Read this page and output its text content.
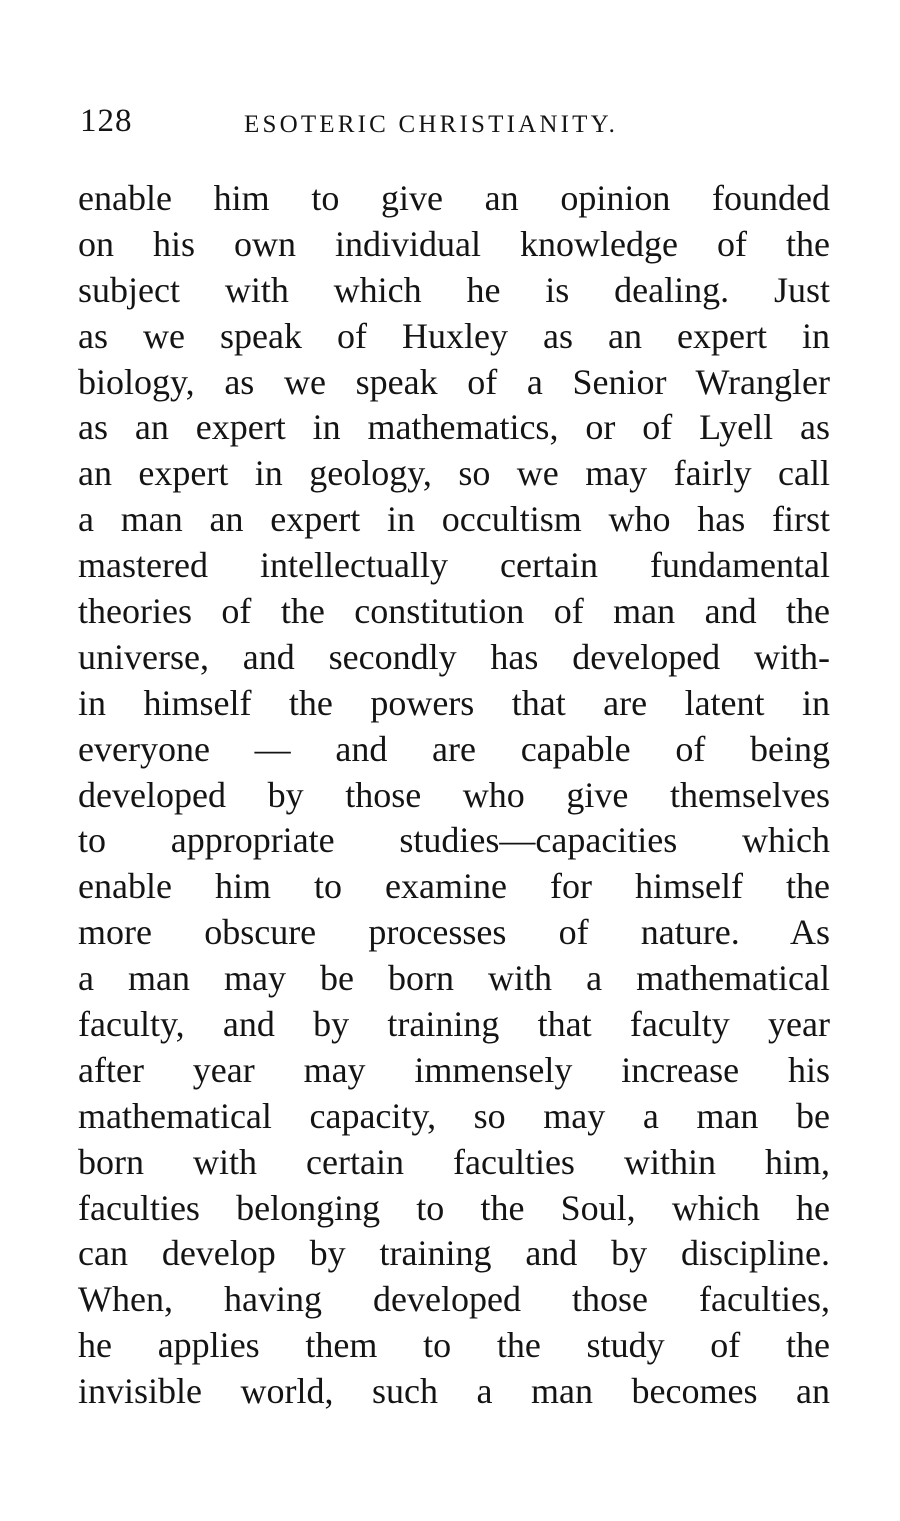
128	ESOTERIC CHRISTIANITY.
enable him to give an opinion founded
on his own individual knowledge of the
subject with which he is dealing. Just
as we speak of Huxley as an expert in
biology, as we speak of a Senior Wrangler
as an expert in mathematics, or of Lyell as
an expert in geology, so we may fairly call
a man an expert in occultism who has first
mastered intellectually certain fundamental
theories of the constitution of man and the
universe, and secondly has developed with-
in himself the powers that are latent in
everyone — and are capable of being
developed by those who give themselves
to appropriate studies—capacities which
enable him to examine for himself the
more obscure processes of nature. As
a man may be born with a mathematical
faculty, and by training that faculty year
after year may immensely increase his
mathematical capacity, so may a man be
born with certain faculties within him,
faculties belonging to the Soul, which he
can develop by training and by discipline.
When, having developed those faculties,
he applies them to the study of the
invisible world, such a man becomes an
